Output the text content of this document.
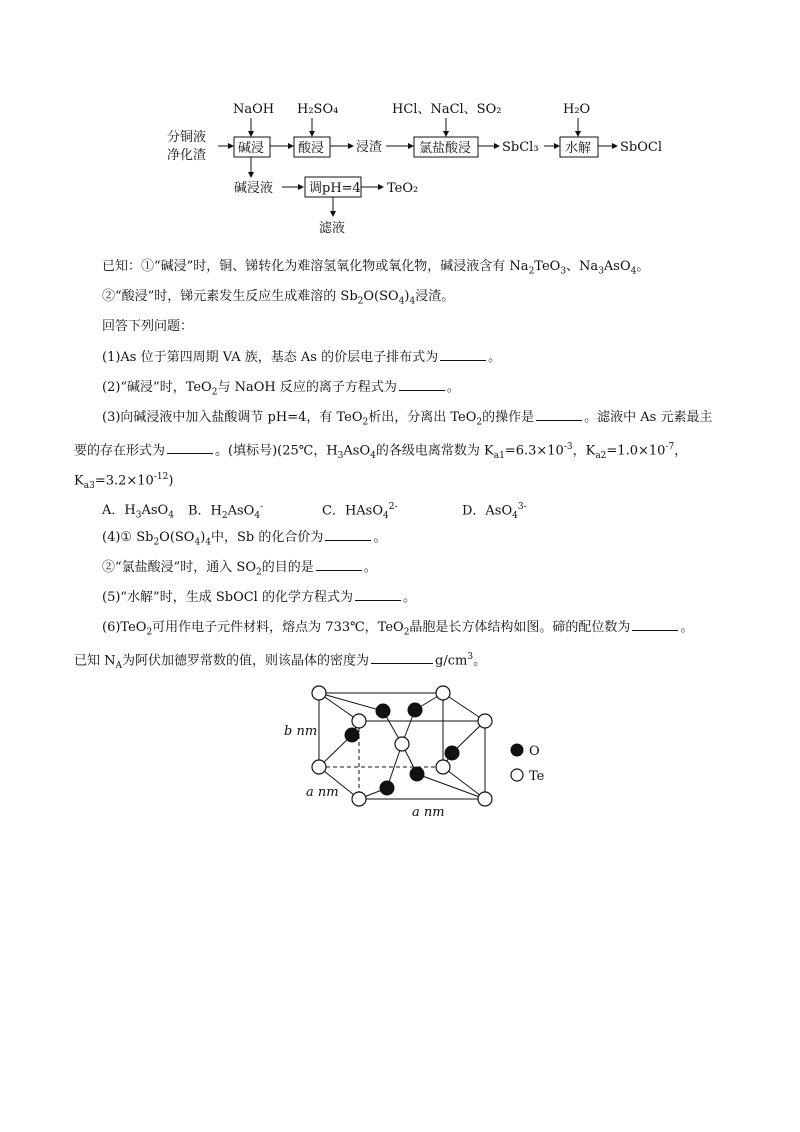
NaOH H₂SO₄	HCl、NaCl、SO₂	H₂O
分铜液
净化渣 碱浸	酸浸 浸渣	氯盐酸浸 SbCl₃ 水解 SbOCl
碱浸液	调pH=4 TeO₂
滤液
已知：①“碱浸”时，铜、锑转化为难溶氢氧化物或氧化物，碱浸液含有 $Na_2TeO_3$、$Na_3AsO_4$。
②“酸浸”时，锑元素发生反应生成难溶的 $Sb_2O(SO_4)_4$浸渣。
回答下列问题：
(1)As 位于第四周期 VA 族，基态 As 的价层电子排布式为	。
(2)“碱浸”时，TeO$_2$与 NaOH 反应的离子方程式为	。
(3)向碱浸液中加入盐酸调节 pH=4，有 TeO$_2$析出，分离出 TeO$_2$的操作是	。滤液中 As 元素最主
要的存在形式为	。(填标号)(25℃，$H_3AsO_4$的各级电离常数为 $K_{a1}=6.3\times 10^{-3}$，$K_{a2}=1.0\times 10^{-7}$，
$K_{a3}=3.2\times 10^{-12}$)
A．$H_3AsO_4$ B．$H_2AsO_4^-$	C．HAsO$_4^{2-}$	D．AsO$_4^{3-}$
(4)① $Sb_2O(SO_4)_4$中，Sb 的化合价为	。
②“氯盐酸浸”时，通入 $SO_2$的目的是	。
(5)“水解”时，生成 SbOCl 的化学方程式为	。
(6)TeO$_2$可用作电子元件材料，熔点为 733℃，TeO$_2$晶胞是长方体结构如图。碲的配位数为	。
已知 $N_A$为阿伏加德罗常数的值，则该晶体的密度为	$g/cm^3$。
b nm
a nm
a nm
O
Te
